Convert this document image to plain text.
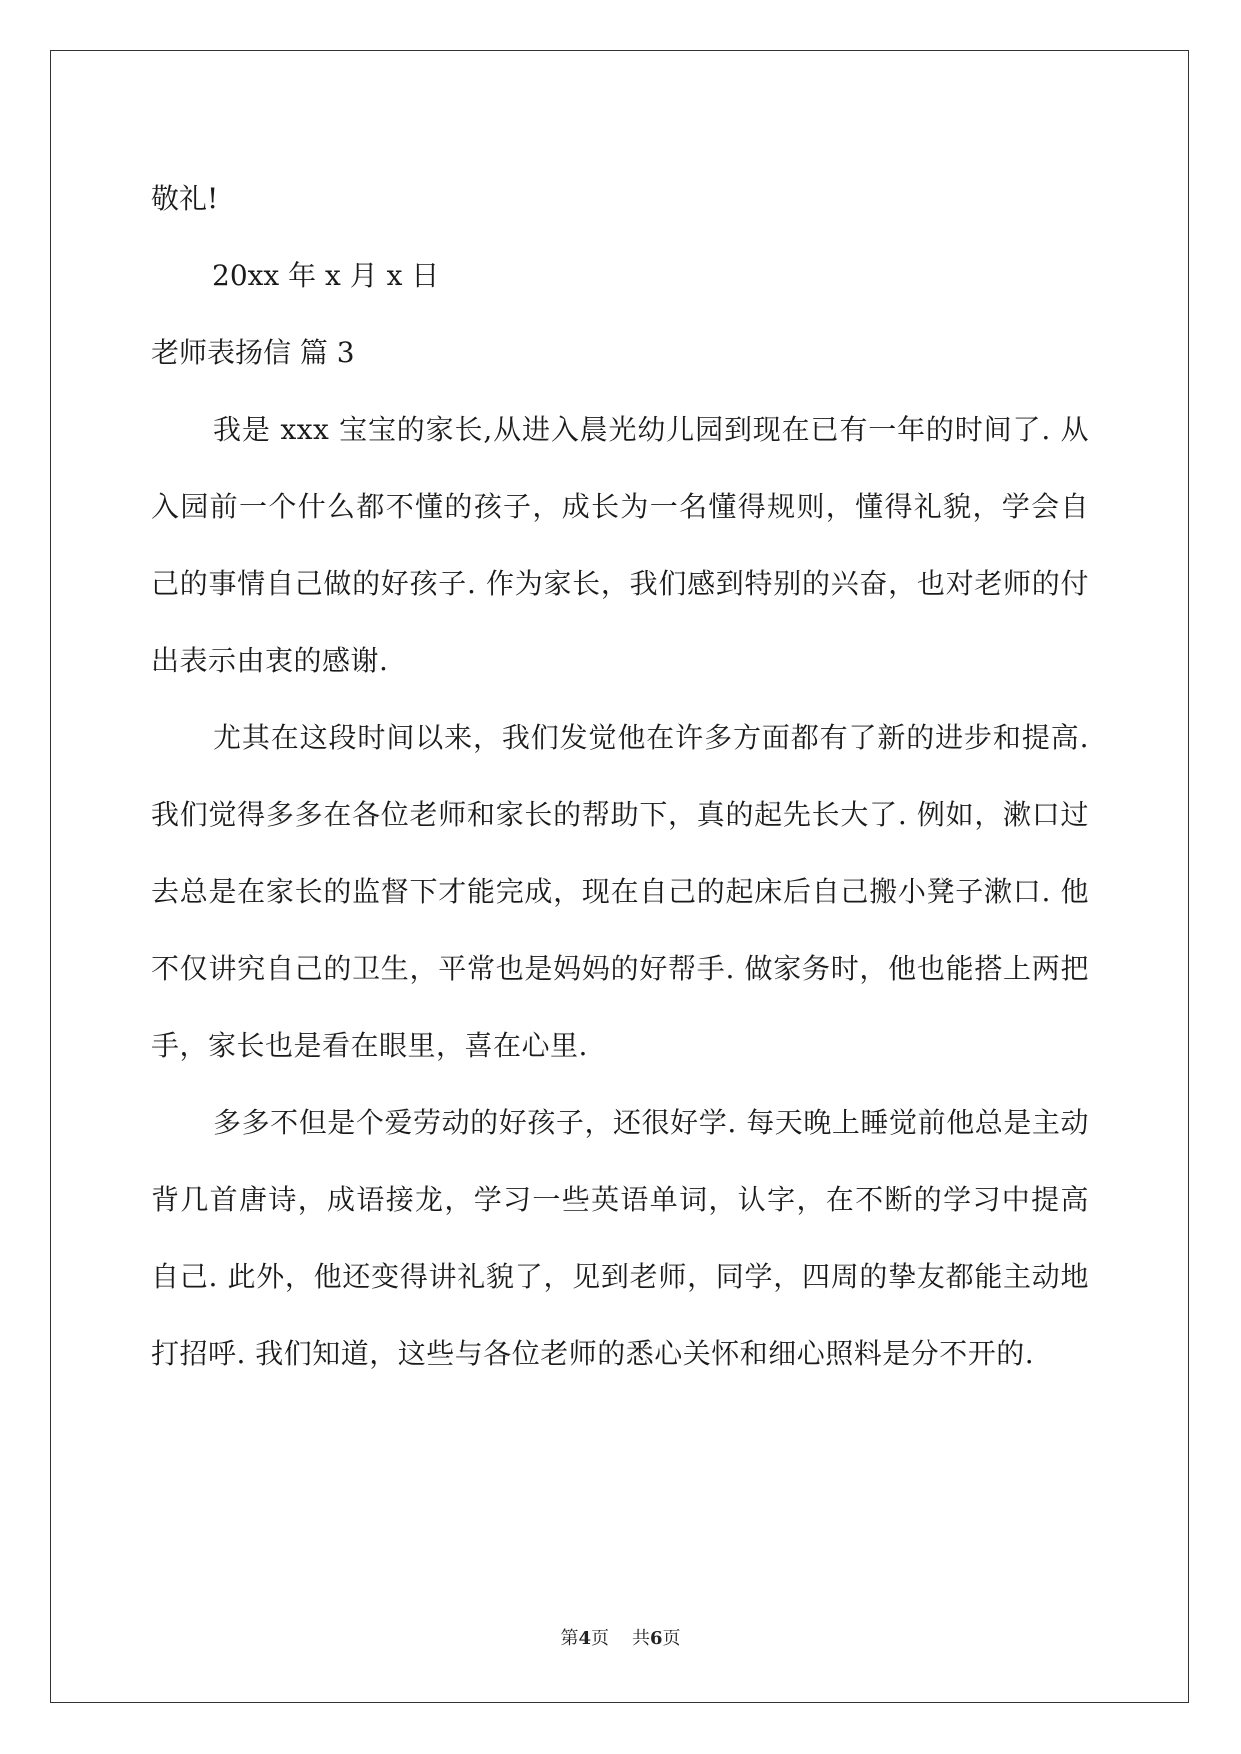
敬礼!
20xx 年 x 月 x 日
老师表扬信 篇 3
我是 xxx 宝宝的家长,从进入晨光幼儿园到现在已有一年的时间了. 从入园前一个什么都不懂的孩子，成长为一名懂得规则，懂得礼貌，学会自己的事情自己做的好孩子. 作为家长，我们感到特别的兴奋，也对老师的付出表示由衷的感谢.
尤其在这段时间以来，我们发觉他在许多方面都有了新的进步和提高. 我们觉得多多在各位老师和家长的帮助下，真的起先长大了. 例如，漱口过去总是在家长的监督下才能完成，现在自己的起床后自己搬小凳子漱口. 他不仅讲究自己的卫生，平常也是妈妈的好帮手. 做家务时，他也能搭上两把手，家长也是看在眼里，喜在心里.
多多不但是个爱劳动的好孩子，还很好学. 每天晚上睡觉前他总是主动背几首唐诗，成语接龙，学习一些英语单词，认字，在不断的学习中提高自己. 此外，他还变得讲礼貌了，见到老师，同学，四周的挚友都能主动地打招呼. 我们知道，这些与各位老师的悉心关怀和细心照料是分不开的.
第4页 共6页
